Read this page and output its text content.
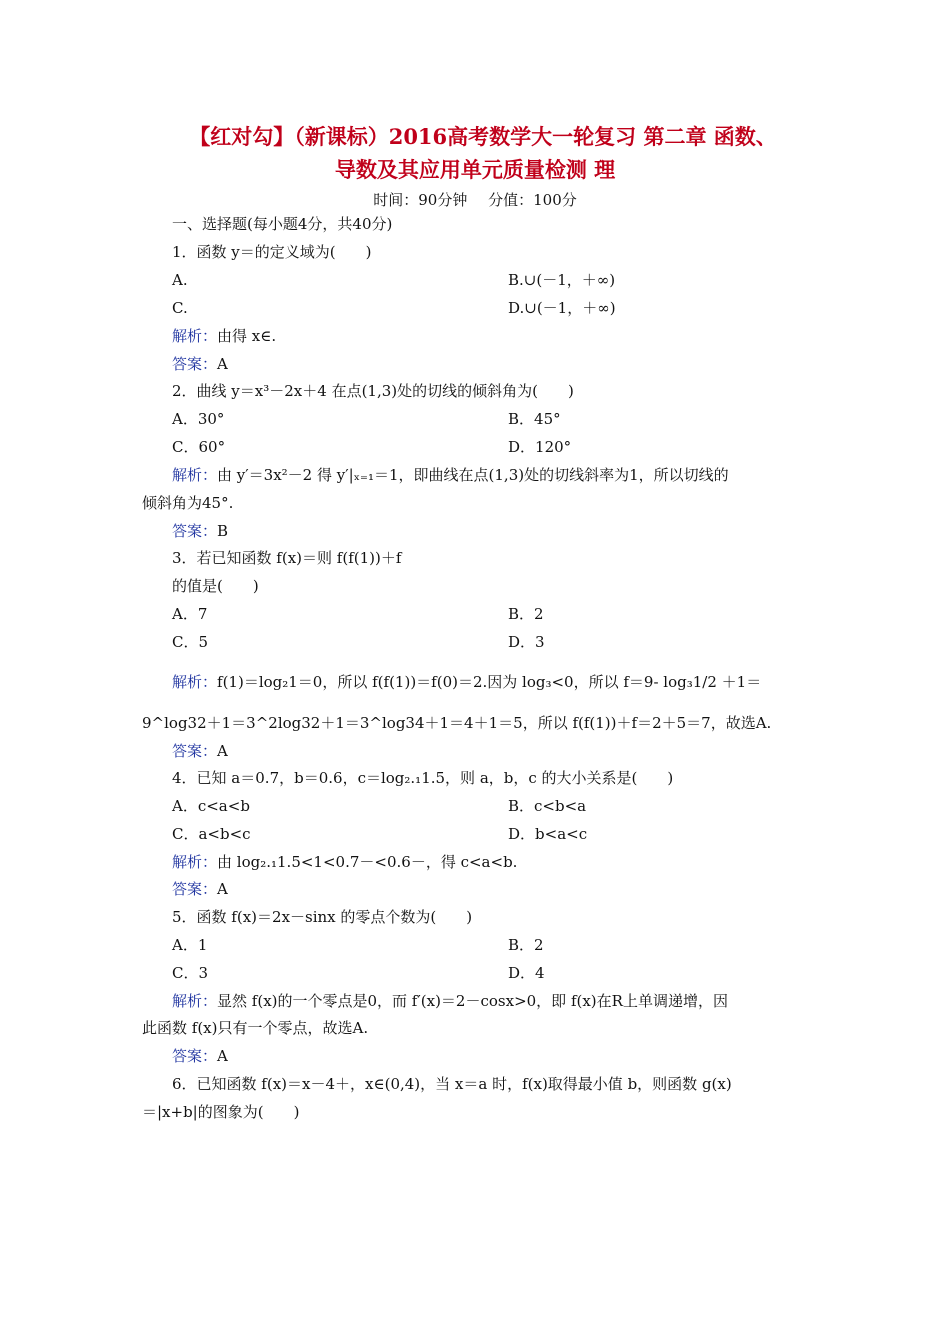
【红对勾】（新课标）2016高考数学大一轮复习 第二章 函数、
导数及其应用单元质量检测 理
时间：90分钟 分值：100分
一、选择题(每小题4分，共40分)
1．函数 y＝的定义域为(　　)
A.	B.∪(－1，＋∞)
C.	D.∪(－1，＋∞)
解析：由得 x∈.
答案：A
2．曲线 y＝x³－2x＋4 在点(1,3)处的切线的倾斜角为(　　)
A．30°	B．45°
C．60°	D．120°
解析：由 y′＝3x²－2 得 y′|ₓ₌₁＝1，即曲线在点(1,3)处的切线斜率为1，所以切线的
倾斜角为45°.
答案：B
3．若已知函数 f(x)＝则 f(f(1))＋f
的值是(　　)
A．7	B．2
C．5	D．3
解析：f(1)＝log₂1＝0，所以 f(f(1))＝f(0)＝2.因为 log₃<0，所以 f＝9- log₃1/2 ＋1＝
9^log32＋1＝3^2log32＋1＝3^log34＋1＝4＋1＝5，所以 f(f(1))＋f＝2＋5＝7，故选A.
答案：A
4．已知 a＝0.7，b＝0.6，c＝log₂.₁1.5，则 a，b，c 的大小关系是(　　)
A．c<a<b	B．c<b<a
C．a<b<c	D．b<a<c
解析：由 log₂.₁1.5<1<0.7－<0.6－，得 c<a<b.
答案：A
5．函数 f(x)＝2x－sinx 的零点个数为(　　)
A．1	B．2
C．3	D．4
解析：显然 f(x)的一个零点是0，而 f′(x)＝2－cosx>0，即 f(x)在R上单调递增，因
此函数 f(x)只有一个零点，故选A.
答案：A
6．已知函数 f(x)＝x－4＋，x∈(0,4)，当 x＝a 时，f(x)取得最小值 b，则函数 g(x)
＝|x+b|的图象为(　　)
